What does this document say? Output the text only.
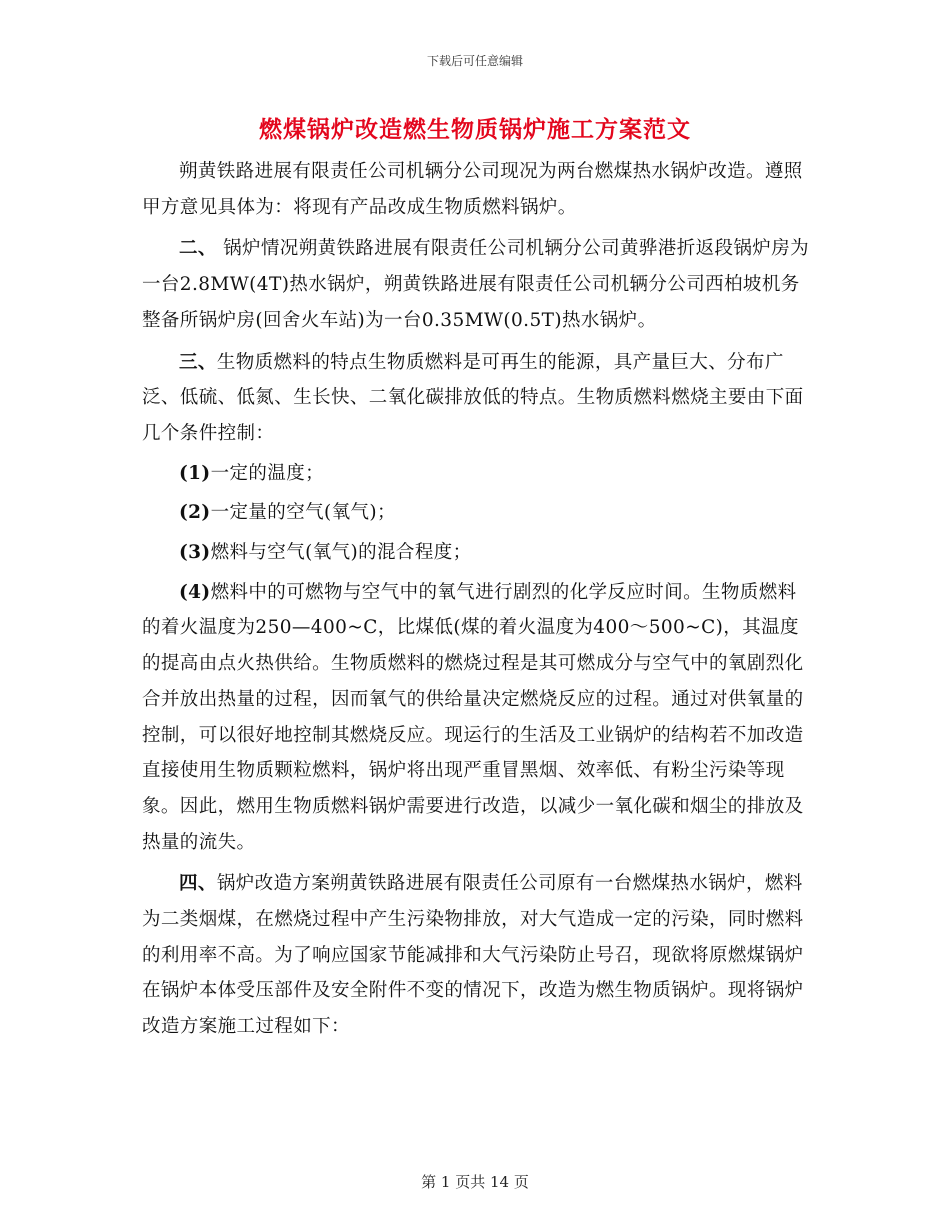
下载后可任意编辑
燃煤锅炉改造燃生物质锅炉施工方案范文

朔黄铁路进展有限责任公司机辆分公司现况为两台燃煤热水锅炉改造。遵照甲方意见具体为：将现有产品改成生物质燃料锅炉。

二、 锅炉情况朔黄铁路进展有限责任公司机辆分公司黄骅港折返段锅炉房为一台2.8MW(4T)热水锅炉，朔黄铁路进展有限责任公司机辆分公司西柏坡机务整备所锅炉房(回舍火车站)为一台0.35MW(0.5T)热水锅炉。

三、生物质燃料的特点生物质燃料是可再生的能源，具产量巨大、分布广泛、低硫、低氮、生长快、二氧化碳排放低的特点。生物质燃料燃烧主要由下面几个条件控制：

(1)一定的温度；

(2)一定量的空气(氧气)；

(3)燃料与空气(氧气)的混合程度；

(4)燃料中的可燃物与空气中的氧气进行剧烈的化学反应时间。生物质燃料的着火温度为250—400~C，比煤低(煤的着火温度为400～500~C)，其温度的提高由点火热供给。生物质燃料的燃烧过程是其可燃成分与空气中的氧剧烈化合并放出热量的过程，因而氧气的供给量决定燃烧反应的过程。通过对供氧量的控制，可以很好地控制其燃烧反应。现运行的生活及工业锅炉的结构若不加改造直接使用生物质颗粒燃料，锅炉将出现严重冒黑烟、效率低、有粉尘污染等现象。因此，燃用生物质燃料锅炉需要进行改造，以减少一氧化碳和烟尘的排放及热量的流失。

四、锅炉改造方案朔黄铁路进展有限责任公司原有一台燃煤热水锅炉，燃料为二类烟煤，在燃烧过程中产生污染物排放，对大气造成一定的污染，同时燃料的利用率不高。为了响应国家节能减排和大气污染防止号召，现欲将原燃煤锅炉在锅炉本体受压部件及安全附件不变的情况下，改造为燃生物质锅炉。现将锅炉改造方案施工过程如下：

第 1 页共 14 页
